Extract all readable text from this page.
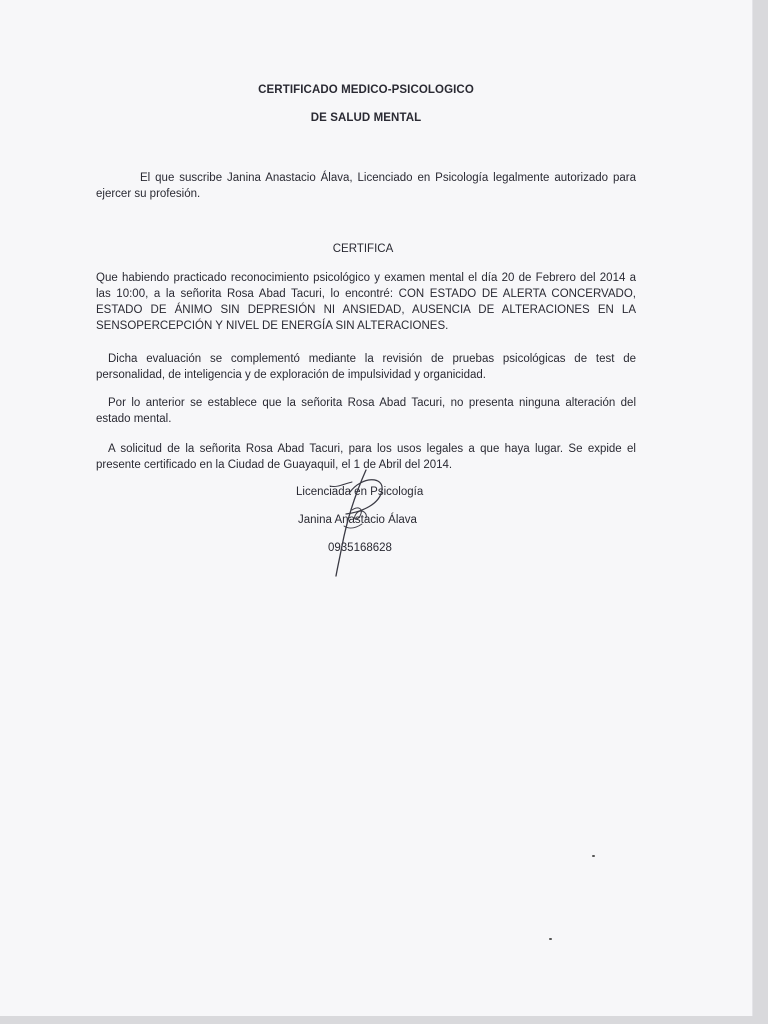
CERTIFICADO MEDICO-PSICOLOGICO
DE SALUD MENTAL
El que suscribe Janina Anastacio Álava, Licenciado en Psicología legalmente autorizado para ejercer su profesión.
CERTIFICA
Que habiendo practicado reconocimiento psicológico y examen mental el día 20 de Febrero del 2014 a las 10:00, a la señorita Rosa Abad Tacuri, lo encontré: CON ESTADO DE ALERTA CONCERVADO, ESTADO DE ÁNIMO SIN DEPRESIÓN NI ANSIEDAD, AUSENCIA DE ALTERACIONES EN LA SENSOPERCEPCIÓN Y NIVEL DE ENERGÍA SIN ALTERACIONES.
Dicha evaluación se complementó mediante la revisión de pruebas psicológicas de test de personalidad, de inteligencia y de exploración de impulsividad y organicidad.
Por lo anterior se establece que la señorita Rosa Abad Tacuri, no presenta ninguna alteración del estado mental.
A solicitud de la señorita Rosa Abad Tacuri, para los usos legales a que haya lugar. Se expide el presente certificado en la Ciudad de Guayaquil, el 1 de Abril del 2014.
Licenciada en Psicología
Janina Anastacio Álava
0935168628
